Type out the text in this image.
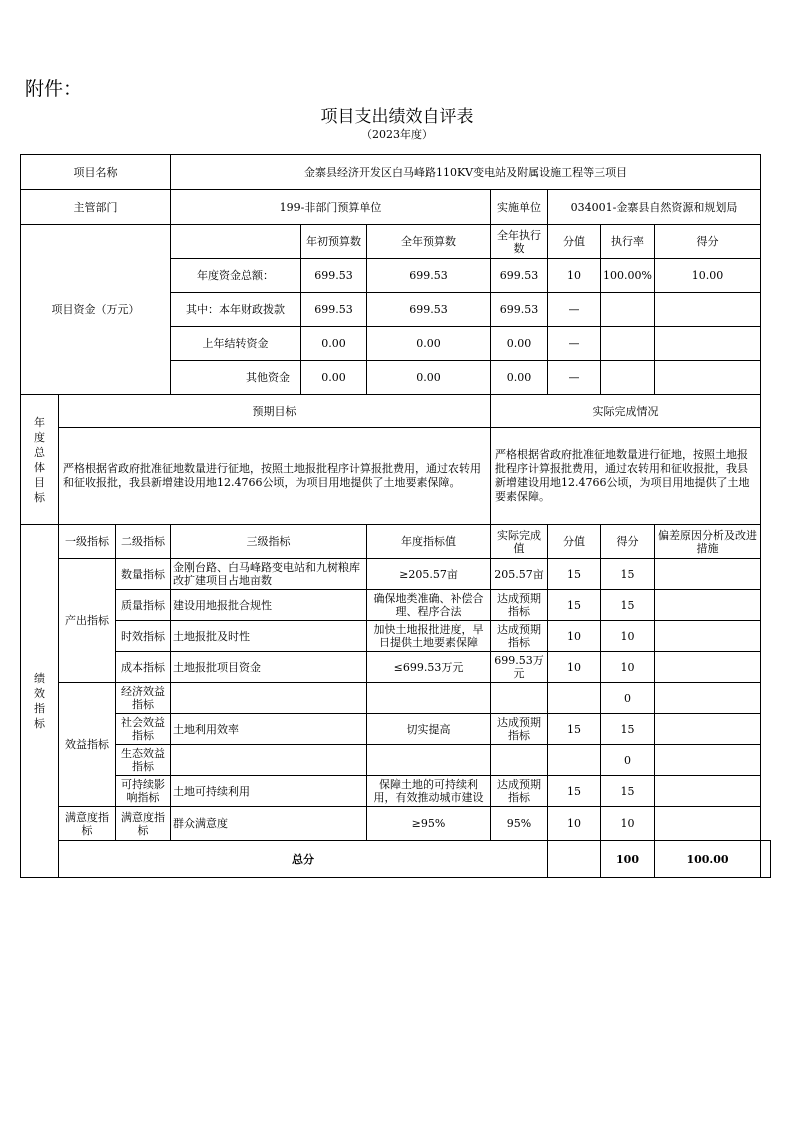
附件：
项目支出绩效自评表
（2023年度）
项目名称			金寨县经济开发区白马峰路110KV变电站及附属设施工程等三项目							
主管部门			199-非部门预算单位			实施单位	034001-金寨县自然资源和规划局			
项目资金（万元）				年初预算数	全年预算数	全年执行数	分值	执行率	得分	
			年度资金总额：	699.53	699.53	699.53	10	100.00%	10.00	
			其中：本年财政拨款	699.53	699.53	699.53	—			
			上年结转资金	0.00	0.00	0.00	—			
			其他资金	0.00	0.00	0.00	—			
年度总体目标	预期目标					实际完成情况				
	严格根据省政府批准征地数量进行征地，按照土地报批程序计算报批费用，通过农转用和征收报批，我县新增建设用地12.4766公顷，为项目用地提供了土地要素保障。					严格根据省政府批准征地数量进行征地，按照土地报批程序计算报批费用，通过农转用和征收报批，我县新增建设用地12.4766公顷，为项目用地提供了土地要素保障。				
绩效指标	一级指标	二级指标	三级指标		年度指标值	实际完成值	分值	得分	偏差原因分析及改进措施	
	产出指标	数量指标	金刚台路、白马峰路变电站和九树粮库改扩建项目占地亩数		≥205.57亩	205.57亩	15	15		
		质量指标	建设用地报批合规性		确保地类准确、补偿合理、程序合法	达成预期指标	15	15		
		时效指标	土地报批及时性		加快土地报批进度，早日提供土地要素保障	达成预期指标	10	10		
		成本指标	土地报批项目资金		≤699.53万元	699.53万元	10	10		
	效益指标	经济效益指标						0		
		社会效益指标	土地利用效率		切实提高	达成预期指标	15	15		
		生态效益指标						0		
		可持续影响指标	土地可持续利用		保障土地的可持续利用，有效推动城市建设	达成预期指标	15	15		
	满意度指标	满意度指标	群众满意度		≥95%	95%	10	10		
	总分							100	100.00	
